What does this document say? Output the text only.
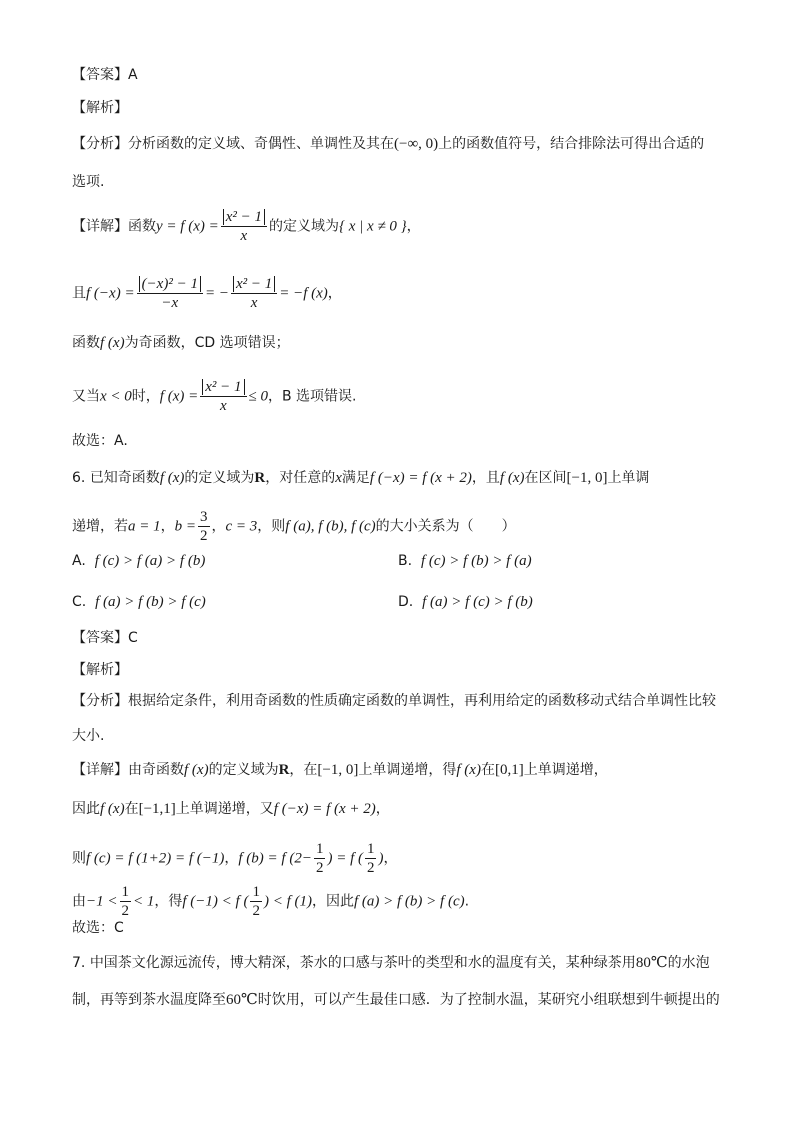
【答案】A
【解析】
【分析】分析函数的定义域、奇偶性、单调性及其在(−∞, 0)上的函数值符号，结合排除法可得出合适的
选项.
【详解】函数y = f $(x) = \frac{\text{x² − 1}}{x}$ 的定义域为{ x | x ≠ 0 }，
且f $(-x) = \frac{\text{(−x)² − 1}}{-x}$ = − $\frac{\text{x² − 1}}{x} = -f$ (x)，
函数f (x)为奇函数，CD 选项错误；
又当x < 0时，f $(x) = \frac{\text{x² − 1}}{x} \le 0$，B 选项错误.
故选：A.
6. 已知奇函数f (x)的定义域为R，对任意的x满足f (−x) = f (x + 2)，且f (x)在区间[−1, 0]上单调
递增，若a = 1，$b = \frac{3}{2}$ ，c = 3，则f (a), f (b), f (c)的大小关系为（　　）
A. f (c) > f (a) > f (b)	B. f (c) > f (b) > f (a)
C. f (a) > f (b) > f (c)	D. f (a) > f (c) > f (b)
【答案】C
【解析】
【分析】根据给定条件，利用奇函数的性质确定函数的单调性，再利用给定的函数移动式结合单调性比较
大小.
【详解】由奇函数f (x)的定义域为R，在[−1, 0]上单调递增，得f (x)在[0,1]上单调递增，
因此f (x)在[−1,1]上单调递增，又f (−x) = f (x + 2)，
则f (c) = f (1+2) = f (−1)，f (b) = f ($2- \frac{1}{2}$ ) = f ( $\frac{1}{2}$ )，
由$-1 < \frac{1}{2} < 1$，得f (−1) < f ( $\frac{1}{2}$ ) < f (1)，因此f (a) > f (b) > f (c).
故选：C
7. 中国茶文化源远流传，博大精深，茶水的口感与茶叶的类型和水的温度有关，某种绿茶用80℃的水泡
制，再等到茶水温度降至60℃时饮用，可以产生最佳口感．为了控制水温，某研究小组联想到牛顿提出的
